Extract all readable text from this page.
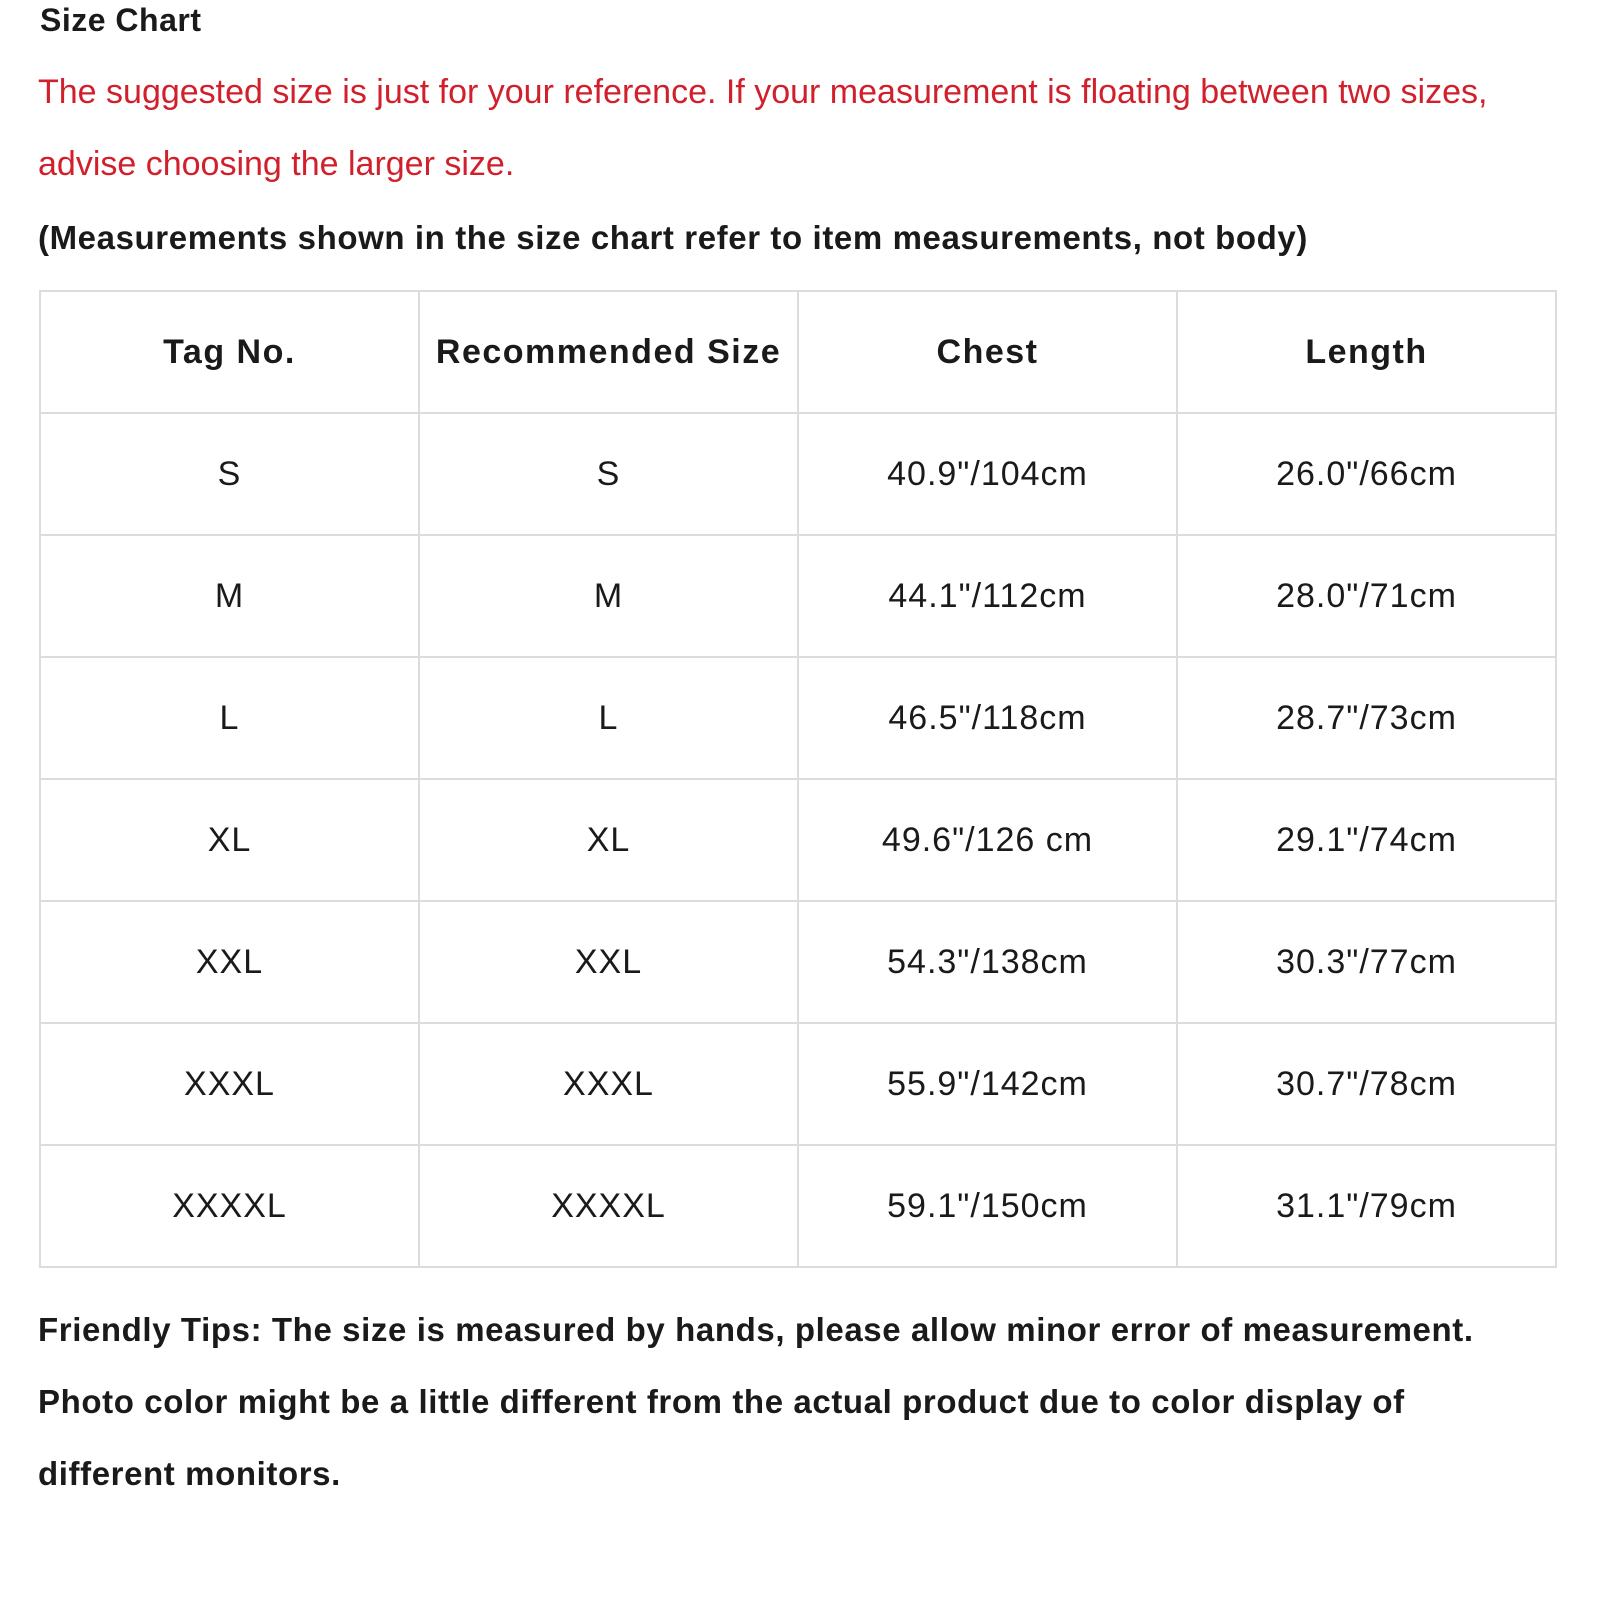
Size Chart

The suggested size is just for your reference. If your measurement is floating between two sizes, advise choosing the larger size.

(Measurements shown in the size chart refer to item measurements, not body)

Tag No.	Recommended Size	Chest	Length
S	S	40.9"/104cm	26.0"/66cm
M	M	44.1"/112cm	28.0"/71cm
L	L	46.5"/118cm	28.7"/73cm
XL	XL	49.6"/126 cm	29.1"/74cm
XXL	XXL	54.3"/138cm	30.3"/77cm
XXXL	XXXL	55.9"/142cm	30.7"/78cm
XXXXL	XXXXL	59.1"/150cm	31.1"/79cm

Friendly Tips: The size is measured by hands, please allow minor error of measurement.

Photo color might be a little different from the actual product due to color display of different monitors.
